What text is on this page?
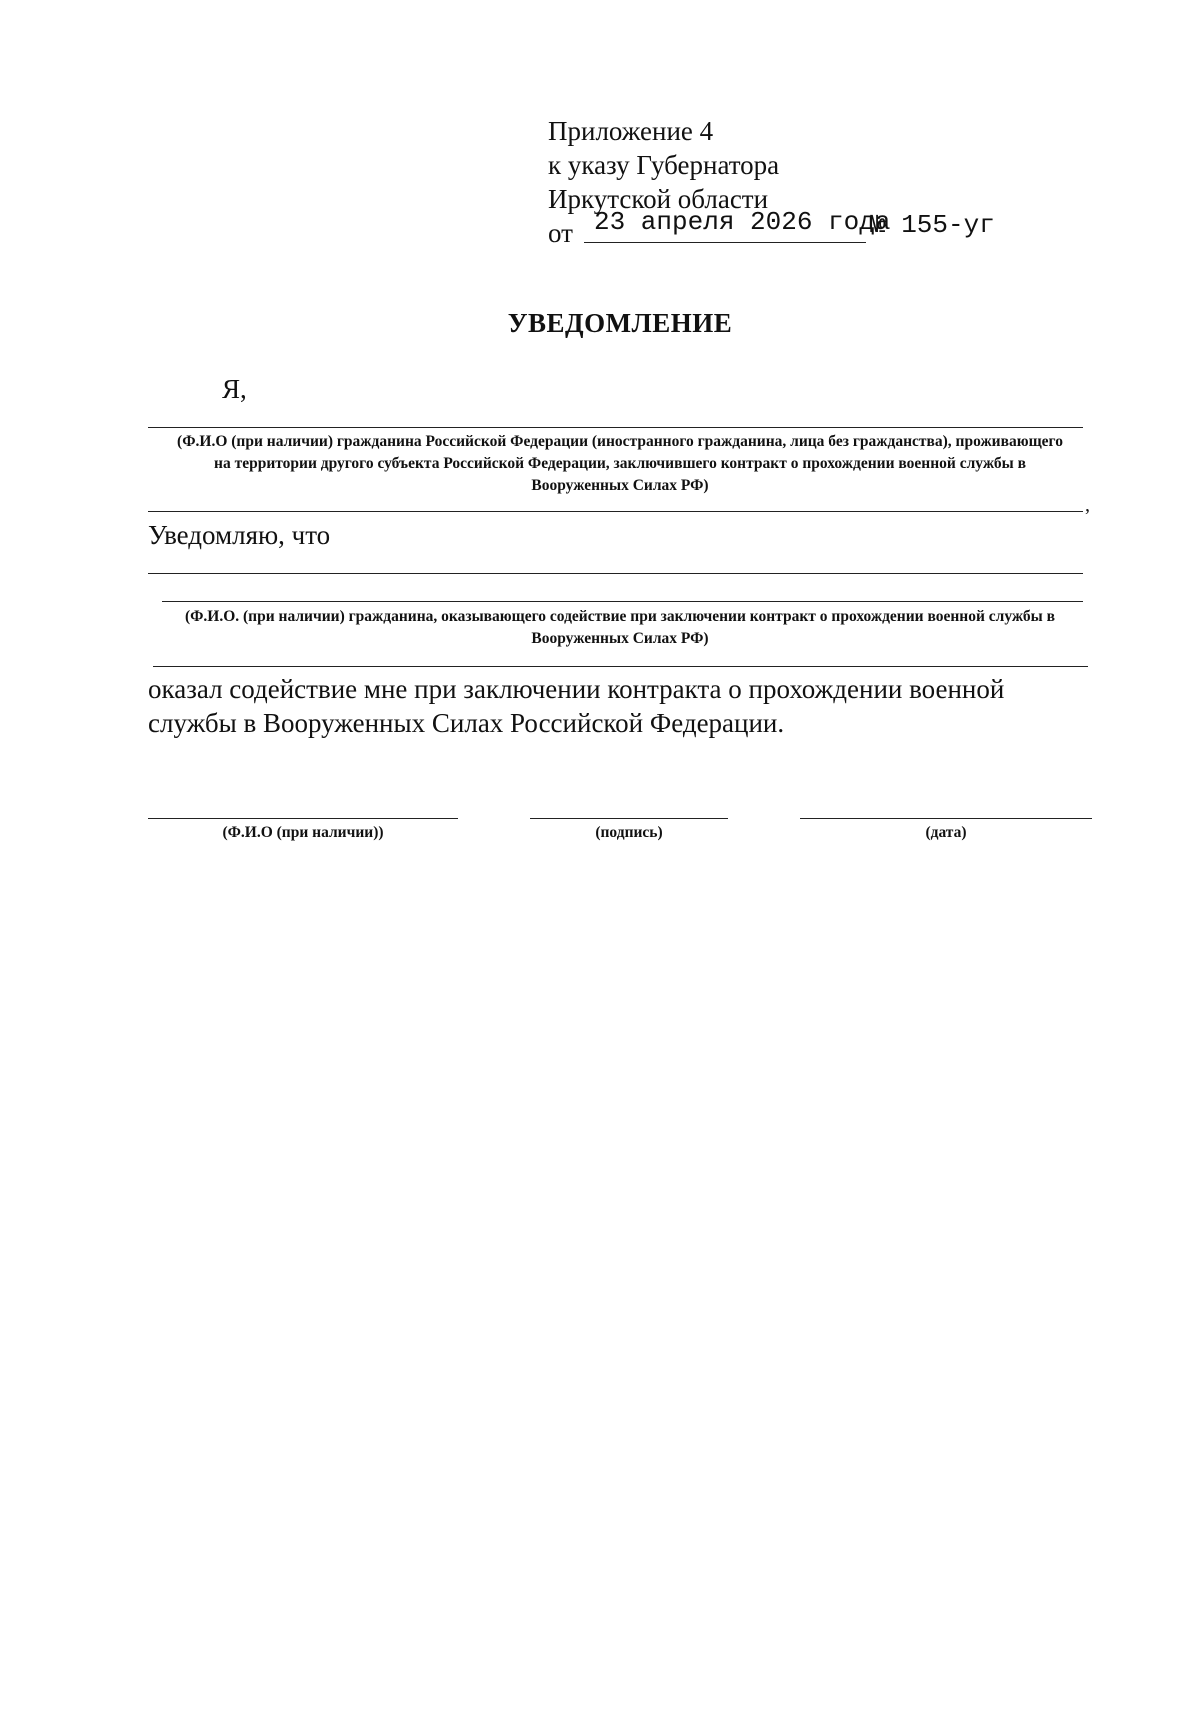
Приложение 4
к указу Губернатора
Иркутской области
от 23 апреля 2026 года
№ 155-уг
УВЕДОМЛЕНИЕ
Я,
(Ф.И.О (при наличии) гражданина Российской Федерации (иностранного гражданина, лица без гражданства), проживающего на территории другого субъекта Российской Федерации, заключившего контракт о прохождении военной службы в Вооруженных Силах РФ)
,
Уведомляю, что
(Ф.И.О. (при наличии) гражданина, оказывающего содействие при заключении контракт о прохождении военной службы в Вооруженных Силах РФ)
оказал содействие мне при заключении контракта о прохождении военной службы в Вооруженных Силах Российской Федерации.
(Ф.И.О (при наличии))	(подпись)	(дата)
